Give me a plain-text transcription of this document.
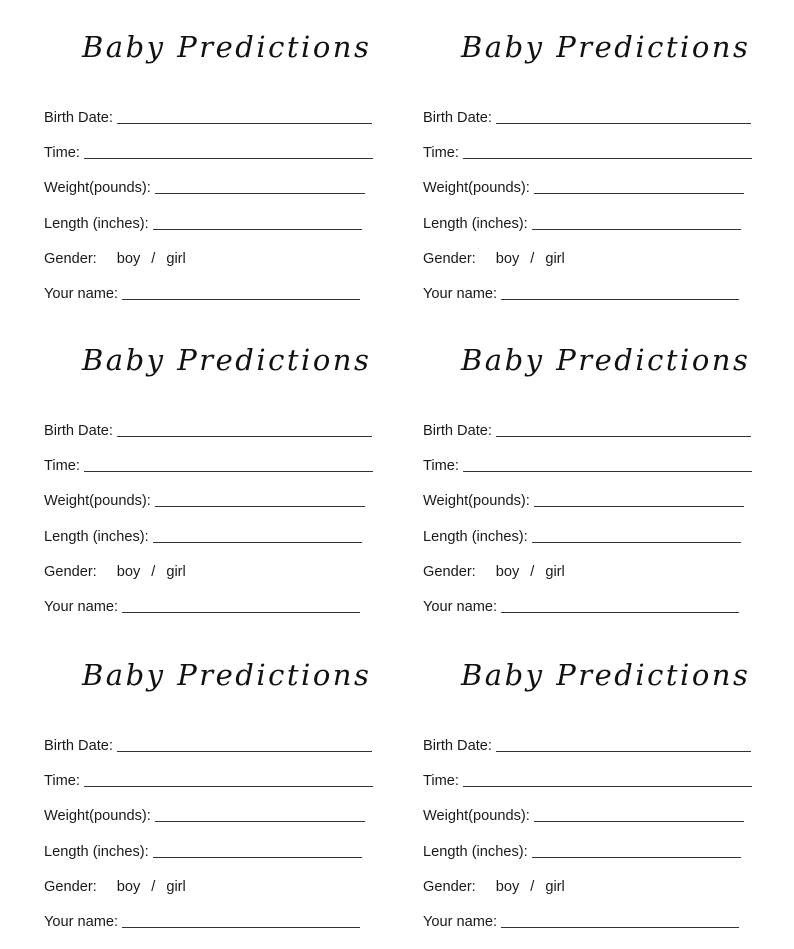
Baby Predictions
Birth Date:
Time:
Weight(pounds):
Length (inches):
Gender: boy / girl
Your name:
Baby Predictions
Birth Date:
Time:
Weight(pounds):
Length (inches):
Gender: boy / girl
Your name:
Baby Predictions
Birth Date:
Time:
Weight(pounds):
Length (inches):
Gender: boy / girl
Your name:
Baby Predictions
Birth Date:
Time:
Weight(pounds):
Length (inches):
Gender: boy / girl
Your name:
Baby Predictions
Birth Date:
Time:
Weight(pounds):
Length (inches):
Gender: boy / girl
Your name:
Baby Predictions
Birth Date:
Time:
Weight(pounds):
Length (inches):
Gender: boy / girl
Your name:
